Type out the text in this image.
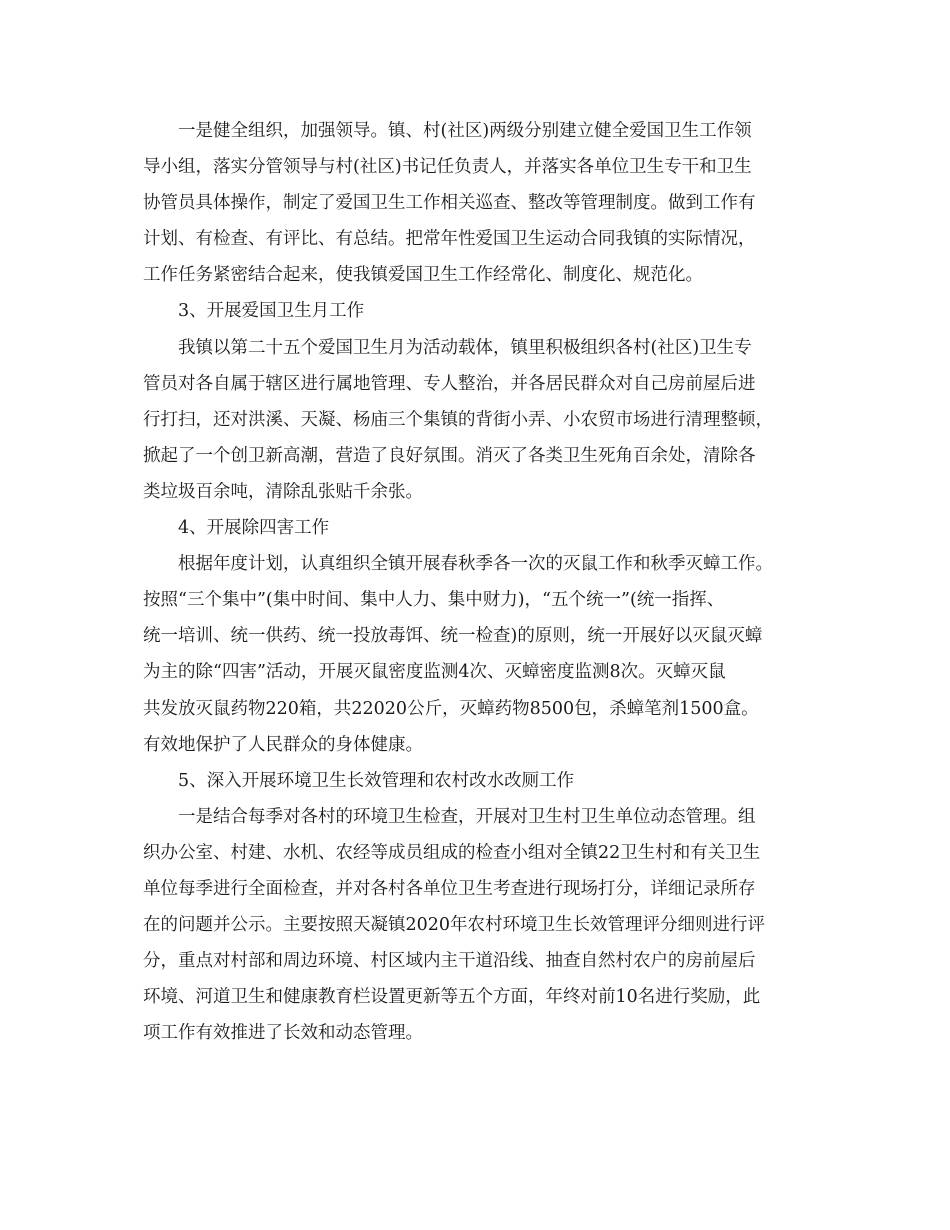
一是健全组织，加强领导。镇、村(社区)两级分别建立健全爱国卫生工作领
导小组，落实分管领导与村(社区)书记任负责人，并落实各单位卫生专干和卫生
协管员具体操作，制定了爱国卫生工作相关巡查、整改等管理制度。做到工作有
计划、有检查、有评比、有总结。把常年性爱国卫生运动合同我镇的实际情况，
工作任务紧密结合起来，使我镇爱国卫生工作经常化、制度化、规范化。
3、开展爱国卫生月工作
我镇以第二十五个爱国卫生月为活动载体，镇里积极组织各村(社区)卫生专
管员对各自属于辖区进行属地管理、专人整治，并各居民群众对自己房前屋后进
行打扫，还对洪溪、天凝、杨庙三个集镇的背街小弄、小农贸市场进行清理整顿，
掀起了一个创卫新高潮，营造了良好氛围。消灭了各类卫生死角百余处，清除各
类垃圾百余吨，清除乱张贴千余张。
4、开展除四害工作
根据年度计划，认真组织全镇开展春秋季各一次的灭鼠工作和秋季灭蟑工作。
按照“三个集中”(集中时间、集中人力、集中财力)，“五个统一”(统一指挥、
统一培训、统一供药、统一投放毒饵、统一检查)的原则，统一开展好以灭鼠灭蟑
为主的除“四害”活动，开展灭鼠密度监测4次、灭蟑密度监测8次。灭蟑灭鼠
共发放灭鼠药物220箱，共22020公斤，灭蟑药物8500包，杀蟑笔剂1500盒。
有效地保护了人民群众的身体健康。
5、深入开展环境卫生长效管理和农村改水改厕工作
一是结合每季对各村的环境卫生检查，开展对卫生村卫生单位动态管理。组
织办公室、村建、水机、农经等成员组成的检查小组对全镇22卫生村和有关卫生
单位每季进行全面检查，并对各村各单位卫生考查进行现场打分，详细记录所存
在的问题并公示。主要按照天凝镇2020年农村环境卫生长效管理评分细则进行评
分，重点对村部和周边环境、村区域内主干道沿线、抽查自然村农户的房前屋后
环境、河道卫生和健康教育栏设置更新等五个方面，年终对前10名进行奖励，此
项工作有效推进了长效和动态管理。
